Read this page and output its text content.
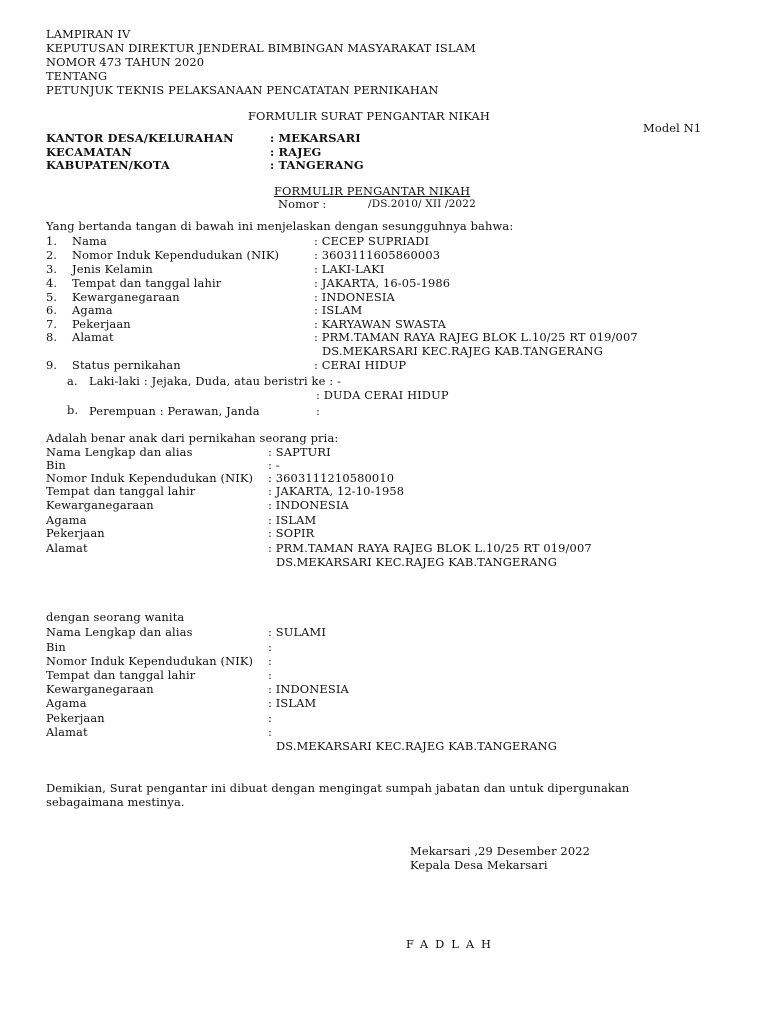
LAMPIRAN IV
KEPUTUSAN DIREKTUR JENDERAL BIMBINGAN MASYARAKAT ISLAM
NOMOR 473 TAHUN 2020
TENTANG
PETUNJUK TEKNIS PELAKSANAAN PENCATATAN PERNIKAHAN
FORMULIR SURAT PENGANTAR NIKAH
Model N1
KANTOR DESA/KELURAHAN	: MEKARSARI
KECAMATAN	: RAJEG
KABUPATEN/KOTA	: TANGERANG
FORMULIR PENGANTAR NIKAH
Nomor :	/DS.2010/ XII /2022
Yang bertanda tangan di bawah ini menjelaskan dengan sesungguhnya bahwa:
1. Nama	: CECEP SUPRIADI
2. Nomor Induk Kependudukan (NIK)	: 3603111605860003
3. Jenis Kelamin	: LAKI-LAKI
4. Tempat dan tanggal lahir	: JAKARTA, 16-05-1986
5. Kewarganegaraan	: INDONESIA
6. Agama	: ISLAM
7. Pekerjaan	: KARYAWAN SWASTA
8. Alamat	: PRM.TAMAN RAYA RAJEG BLOK L.10/25 RT 019/007
DS.MEKARSARI KEC.RAJEG KAB.TANGERANG
9. Status pernikahan	: CERAI HIDUP
a. Laki-laki : Jejaka, Duda, atau beristri ke : -
: DUDA CERAI HIDUP
b. Perempuan : Perawan, Janda	:
Adalah benar anak dari pernikahan seorang pria:
Nama Lengkap dan alias	: SAPTURI
Bin	: -
Nomor Induk Kependudukan (NIK) : 3603111210580010
Tempat dan tanggal lahir	: JAKARTA, 12-10-1958
Kewarganegaraan	: INDONESIA
Agama	: ISLAM
Pekerjaan	: SOPIR
Alamat	: PRM.TAMAN RAYA RAJEG BLOK L.10/25 RT 019/007
DS.MEKARSARI KEC.RAJEG KAB.TANGERANG
dengan seorang wanita
Nama Lengkap dan alias	: SULAMI
Bin	:
Nomor Induk Kependudukan (NIK) :
Tempat dan tanggal lahir	:
Kewarganegaraan	: INDONESIA
Agama	: ISLAM
Pekerjaan	:
Alamat	:
DS.MEKARSARI KEC.RAJEG KAB.TANGERANG
Demikian, Surat pengantar ini dibuat dengan mengingat sumpah jabatan dan untuk dipergunakan
sebagaimana mestinya.
Mekarsari ,29 Desember 2022
Kepala Desa Mekarsari
FADLAH
